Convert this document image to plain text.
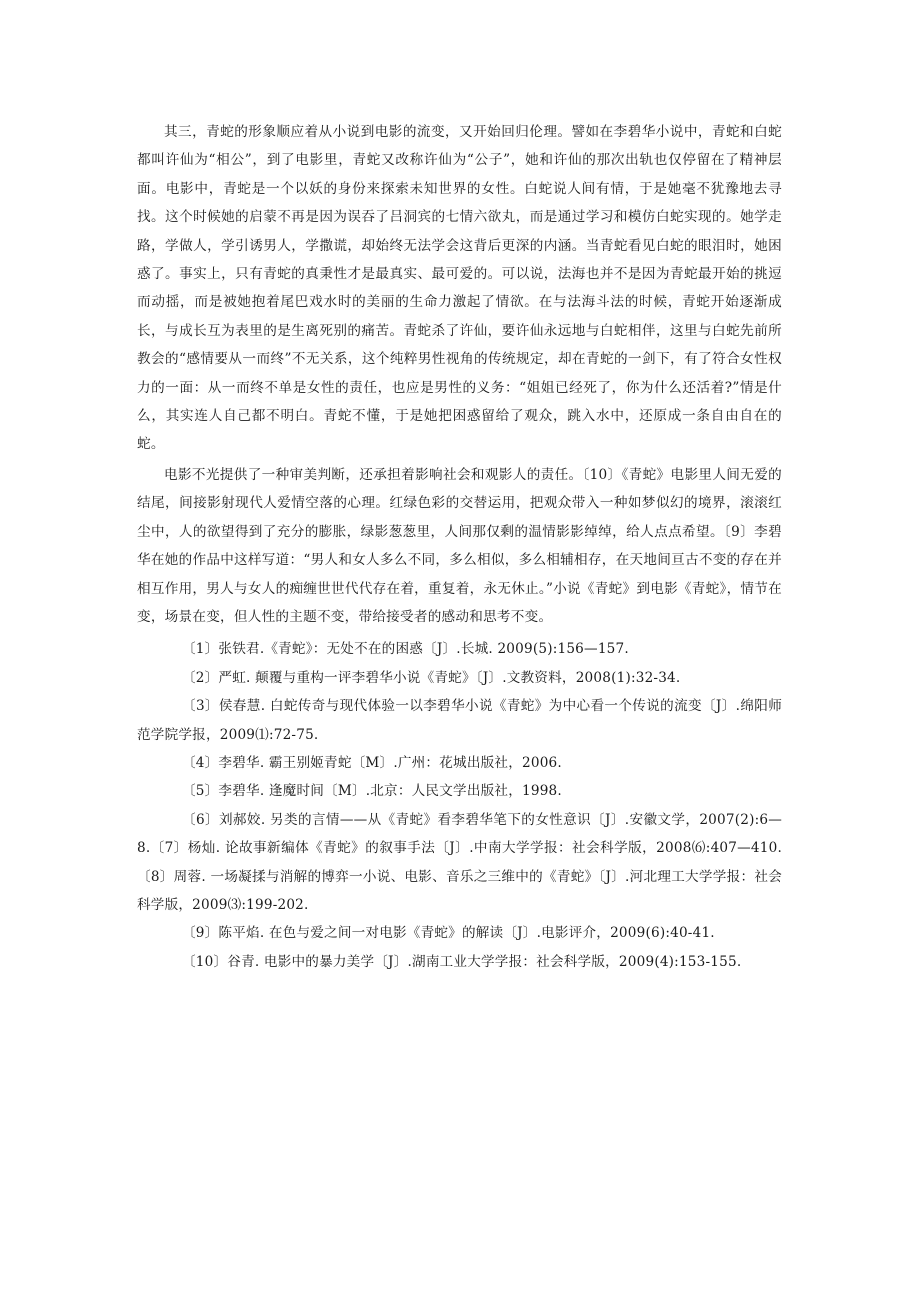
其三，青蛇的形象顺应着从小说到电影的流变，又开始回归伦理。譬如在李碧华小说中，青蛇和白蛇都叫许仙为“相公”，到了电影里，青蛇又改称许仙为“公子”，她和许仙的那次出轨也仅停留在了精神层面。电影中，青蛇是一个以妖的身份来探索未知世界的女性。白蛇说人间有情，于是她毫不犹豫地去寻找。这个时候她的启蒙不再是因为误吞了吕洞宾的七情六欲丸，而是通过学习和模仿白蛇实现的。她学走路，学做人，学引诱男人，学撒谎，却始终无法学会这背后更深的内涵。当青蛇看见白蛇的眼泪时，她困惑了。事实上，只有青蛇的真秉性才是最真实、最可爱的。可以说，法海也并不是因为青蛇最开始的挑逗而动摇，而是被她抱着尾巴戏水时的美丽的生命力激起了情欲。在与法海斗法的时候，青蛇开始逐渐成长，与成长互为表里的是生离死别的痛苦。青蛇杀了许仙，要许仙永远地与白蛇相伴，这里与白蛇先前所教会的“感情要从一而终”不无关系，这个纯粹男性视角的传统规定，却在青蛇的一剑下，有了符合女性权力的一面：从一而终不单是女性的责任，也应是男性的义务：“姐姐已经死了，你为什么还活着?”情是什么，其实连人自己都不明白。青蛇不懂，于是她把困惑留给了观众，跳入水中，还原成一条自由自在的蛇。

电影不光提供了一种审美判断，还承担着影响社会和观影人的责任。〔10〕《青蛇》电影里人间无爱的结尾，间接影射现代人爱情空落的心理。红绿色彩的交替运用，把观众带入一种如梦似幻的境界，滚滚红尘中，人的欲望得到了充分的膨胀，绿影葱葱里，人间那仅剩的温情影影绰绰，给人点点希望。〔9〕李碧华在她的作品中这样写道：“男人和女人多么不同，多么相似，多么相辅相存，在天地间亘古不变的存在并相互作用，男人与女人的痴缠世世代代存在着，重复着，永无休止。”小说《青蛇》到电影《青蛇》，情节在变，场景在变，但人性的主题不变，带给接受者的感动和思考不变。

〔1〕张铁君.《青蛇》：无处不在的困惑〔J〕.长城. 2009(5):156—157.

〔2〕严虹. 颠覆与重构一评李碧华小说《青蛇》〔J〕.文教资料，2008(1):32-34.

〔3〕侯春慧. 白蛇传奇与现代体验一以李碧华小说《青蛇》为中心看一个传说的流变〔J〕.绵阳师范学院学报，2009⑴:72-75.

〔4〕李碧华. 霸王别姬青蛇〔M〕.广州：花城出版社，2006.

〔5〕李碧华. 逢魔时间〔M〕.北京：人民文学出版社，1998.

〔6〕刘郝姣. 另类的言情——从《青蛇》看李碧华笔下的女性意识〔J〕.安徽文学，2007(2):6—8.〔7〕杨灿. 论故事新编体《青蛇》的叙事手法〔J〕.中南大学学报：社会科学版，2008⑹:407—410.〔8〕周蓉. 一场凝揉与消解的博弈一小说、电影、音乐之三维中的《青蛇》〔J〕.河北理工大学学报：社会科学版，2009⑶:199-202.

〔9〕陈平焰. 在色与爱之间一对电影《青蛇》的解读〔J〕.电影评介，2009(6):40-41.

〔10〕谷青. 电影中的暴力美学〔J〕.湖南工业大学学报：社会科学版，2009(4):153-155.
